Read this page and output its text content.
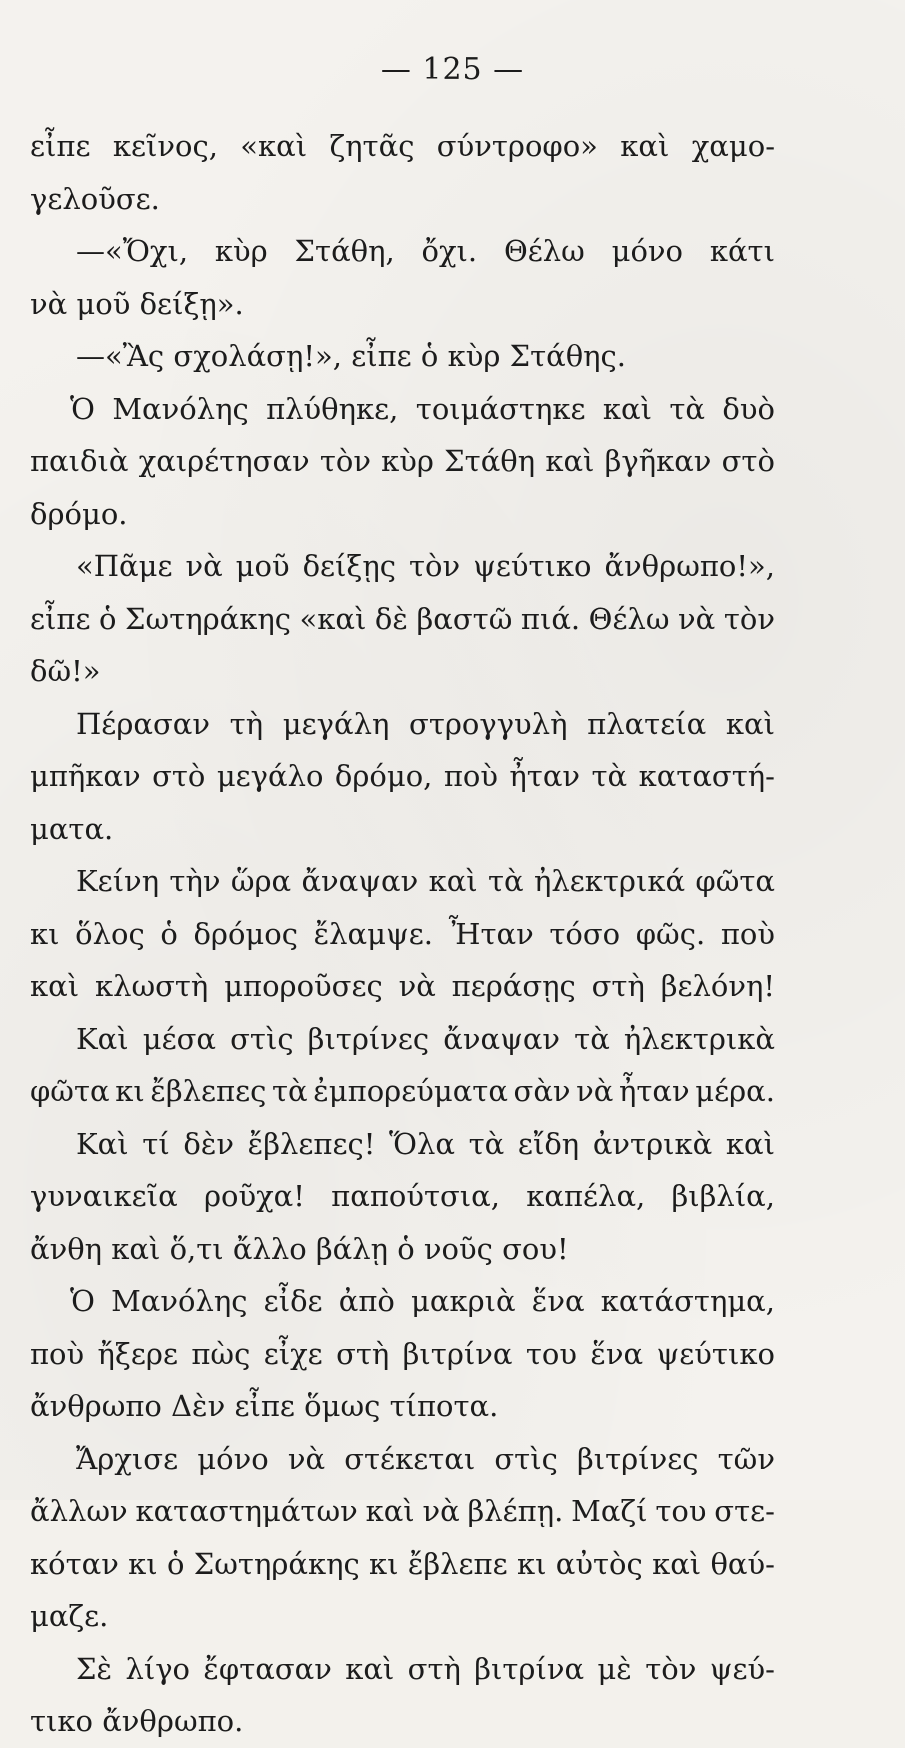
— 125 —
εἶπε κεῖνος, «καὶ ζητᾶς σύντροφο» καὶ χαμο-
γελοῦσε.
—«Ὄχι, κὺρ Στάθη, ὄχι. Θέλω μόνο κάτι
νὰ μοῦ δείξῃ».
—«Ἂς σχολάσῃ!», εἶπε ὁ κὺρ Στάθης.
Ὁ Μανόλης πλύθηκε, τοιμάστηκε καὶ τὰ δυὸ
παιδιὰ χαιρέτησαν τὸν κὺρ Στάθη καὶ βγῆκαν στὸ
δρόμο.
«Πᾶμε νὰ μοῦ δείξῃς τὸν ψεύτικο ἄνθρωπο!»,
εἶπε ὁ Σωτηράκης «καὶ δὲ βαστῶ πιά. Θέλω νὰ τὸν
δῶ!»
Πέρασαν τὴ μεγάλη στρογγυλὴ πλατεία καὶ
μπῆκαν στὸ μεγάλο δρόμο, ποὺ ἦταν τὰ καταστή-
ματα.
Κείνη τὴν ὥρα ἄναψαν καὶ τὰ ἠλεκτρικά φῶτα
κι ὅλος ὁ δρόμος ἔλαμψε. Ἦταν τόσο φῶς. ποὺ
καὶ κλωστὴ μποροῦσες νὰ περάσῃς στὴ βελόνη!
Καὶ μέσα στὶς βιτρίνες ἄναψαν τὰ ἠλεκτρικὰ
φῶτα κι ἔβλεπες τὰ ἐμπορεύματα σὰν νὰ ἦταν μέρα.
Καὶ τί δὲν ἔβλεπες! Ὅλα τὰ εἴδη ἀντρικὰ καὶ
γυναικεῖα ροῦχα! παπούτσια, καπέλα, βιβλία,
ἄνθη καὶ ὅ,τι ἄλλο βάλῃ ὁ νοῦς σου!
Ὁ Μανόλης εἶδε ἀπὸ μακριὰ ἕνα κατάστημα,
ποὺ ἤξερε πὼς εἶχε στὴ βιτρίνα του ἕνα ψεύτικο
ἄνθρωπο Δὲν εἶπε ὅμως τίποτα.
Ἄρχισε μόνο νὰ στέκεται στὶς βιτρίνες τῶν
ἄλλων καταστημάτων καὶ νὰ βλέπῃ. Μαζί του στε-
κόταν κι ὁ Σωτηράκης κι ἔβλεπε κι αὐτὸς καὶ θαύ-
μαζε.
Σὲ λίγο ἔφτασαν καὶ στὴ βιτρίνα μὲ τὸν ψεύ-
τικο ἄνθρωπο.
